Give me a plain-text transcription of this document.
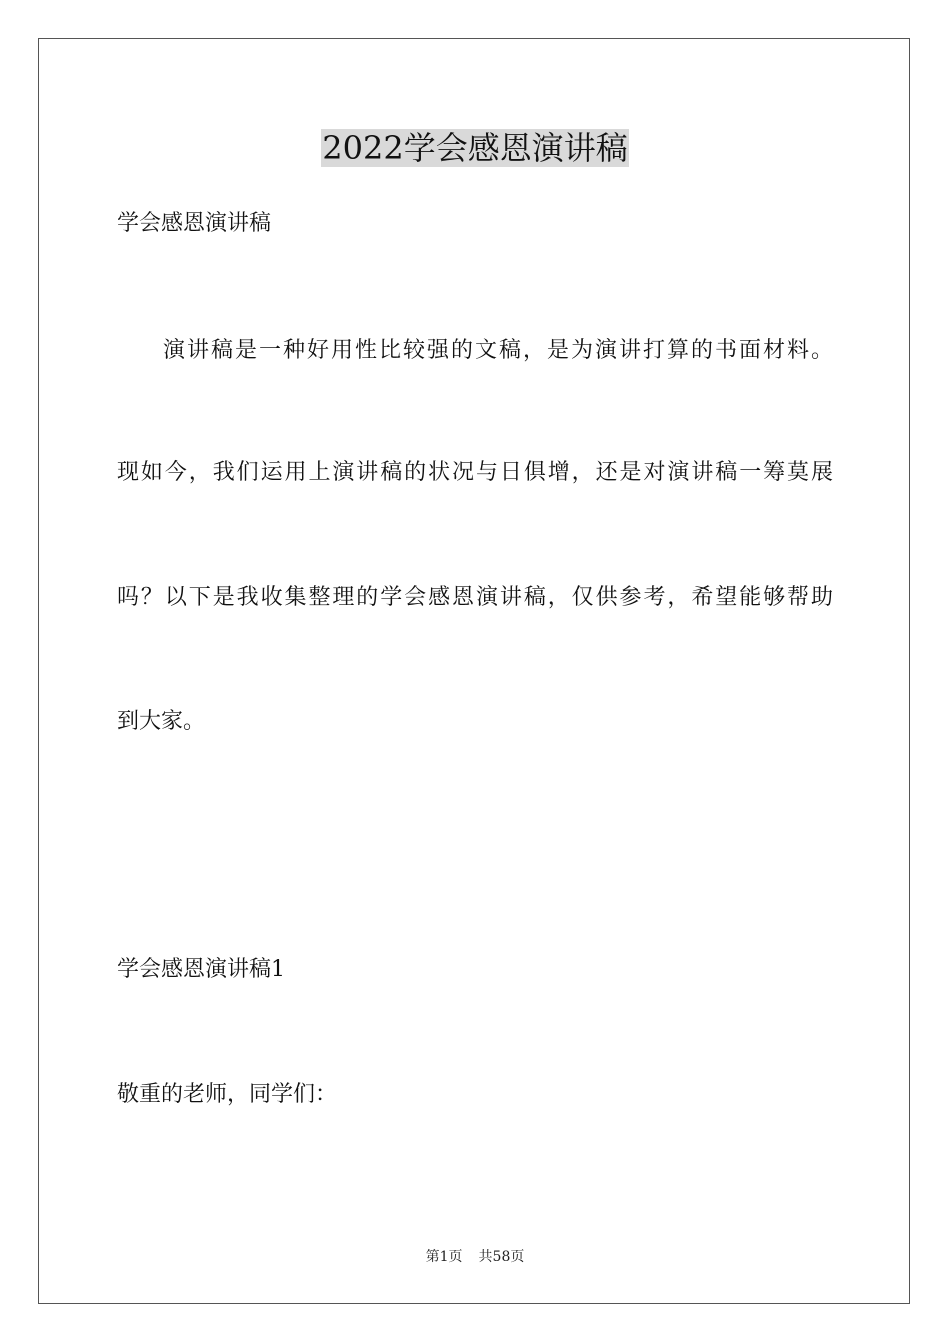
2022学会感恩演讲稿

学会感恩演讲稿

演讲稿是一种好用性比较强的文稿，是为演讲打算的书面材料。

现如今，我们运用上演讲稿的状况与日俱增，还是对演讲稿一筹莫展

吗？以下是我收集整理的学会感恩演讲稿，仅供参考，希望能够帮助

到大家。

学会感恩演讲稿1

敬重的老师，同学们：

第1页 共58页
